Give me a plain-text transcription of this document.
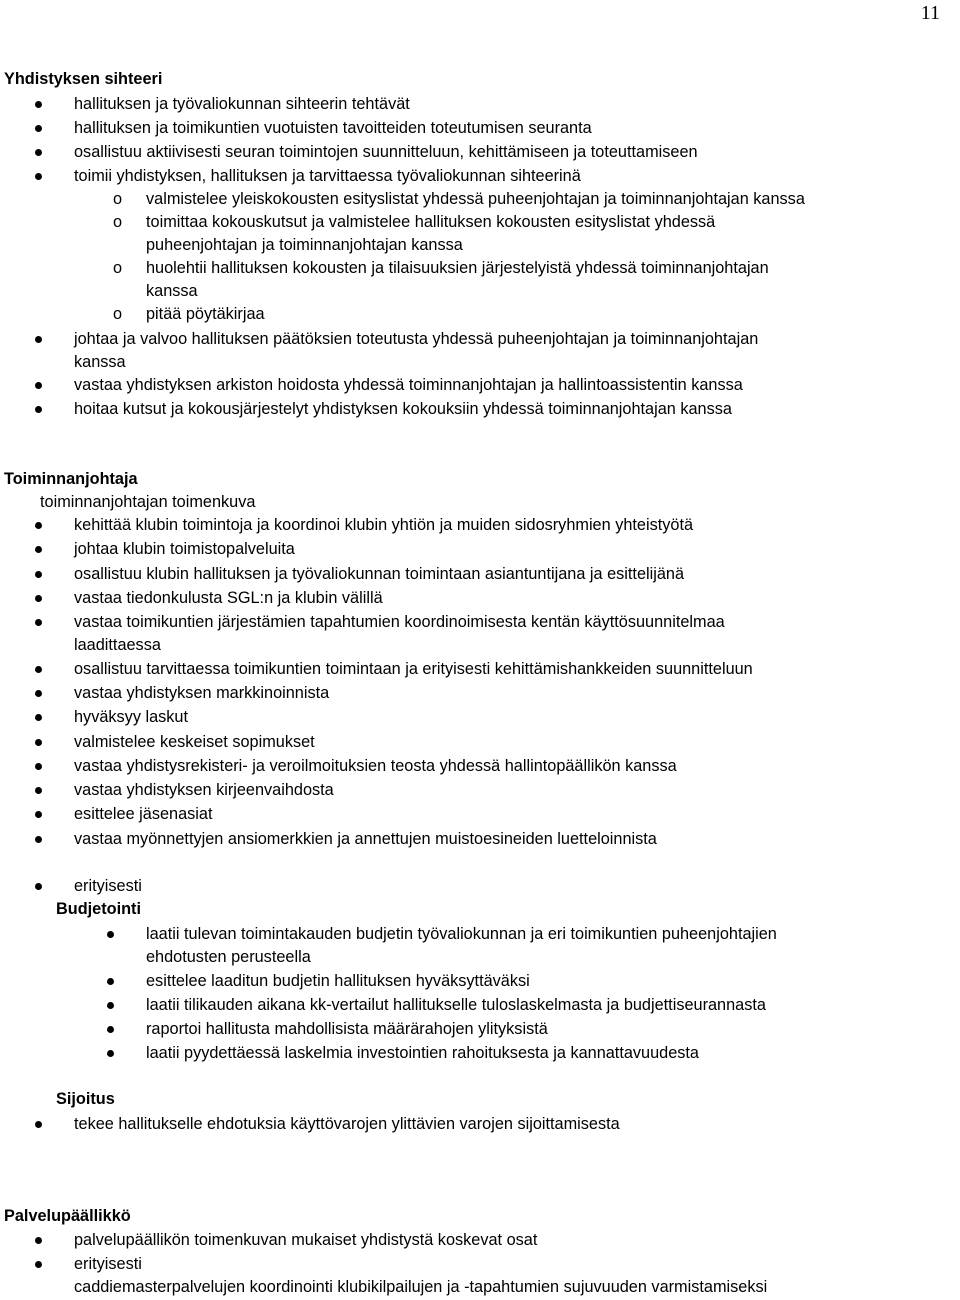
11

Yhdistyksen sihteeri

hallituksen ja työvaliokunnan sihteerin tehtävät

hallituksen ja toimikuntien vuotuisten tavoitteiden toteutumisen seuranta

osallistuu aktiivisesti seuran toimintojen suunnitteluun, kehittämiseen ja toteuttamiseen

toimii yhdistyksen, hallituksen ja tarvittaessa työvaliokunnan sihteerinä

o	valmistelee yleiskokousten esityslistat yhdessä puheenjohtajan ja toiminnanjohtajan kanssa

o	toimittaa kokouskutsut ja valmistelee hallituksen kokousten esityslistat yhdessä

puheenjohtajan ja toiminnanjohtajan kanssa

o	huolehtii hallituksen kokousten ja tilaisuuksien järjestelyistä yhdessä toiminnanjohtajan

kanssa

o	pitää pöytäkirjaa

johtaa ja valvoo hallituksen päätöksien toteutusta yhdessä puheenjohtajan ja toiminnanjohtajan

kanssa

vastaa yhdistyksen arkiston hoidosta yhdessä toiminnanjohtajan ja hallintoassistentin kanssa

hoitaa kutsut ja kokousjärjestelyt yhdistyksen kokouksiin yhdessä toiminnanjohtajan kanssa

Toiminnanjohtaja

toiminnanjohtajan toimenkuva

kehittää klubin toimintoja ja koordinoi klubin yhtiön ja muiden sidosryhmien yhteistyötä

johtaa klubin toimistopalveluita

osallistuu klubin hallituksen ja työvaliokunnan toimintaan asiantuntijana ja esittelijänä

vastaa tiedonkulusta SGL:n ja klubin välillä

vastaa toimikuntien järjestämien tapahtumien koordinoimisesta kentän käyttösuunnitelmaa

laadittaessa

osallistuu tarvittaessa toimikuntien toimintaan ja erityisesti kehittämishankkeiden suunnitteluun

vastaa yhdistyksen markkinoinnista

hyväksyy laskut

valmistelee keskeiset sopimukset

vastaa yhdistysrekisteri- ja veroilmoituksien teosta yhdessä hallintopäällikön kanssa

vastaa yhdistyksen kirjeenvaihdosta

esittelee jäsenasiat

vastaa myönnettyjen ansiomerkkien ja annettujen muistoesineiden luetteloinnista

erityisesti

Budjetointi

laatii tulevan toimintakauden budjetin työvaliokunnan ja eri toimikuntien puheenjohtajien

ehdotusten perusteella

esittelee laaditun budjetin hallituksen hyväksyttäväksi

laatii tilikauden aikana kk-vertailut hallitukselle tuloslaskelmasta ja budjettiseurannasta

raportoi hallitusta mahdollisista määrärahojen ylityksistä

laatii pyydettäessä laskelmia investointien rahoituksesta ja kannattavuudesta

Sijoitus

tekee hallitukselle ehdotuksia käyttövarojen ylittävien varojen sijoittamisesta

Palvelupäällikkö

palvelupäällikön toimenkuvan mukaiset yhdistystä koskevat osat

erityisesti

caddiemasterpalvelujen koordinointi klubikilpailujen ja -tapahtumien sujuvuuden varmistamiseksi
